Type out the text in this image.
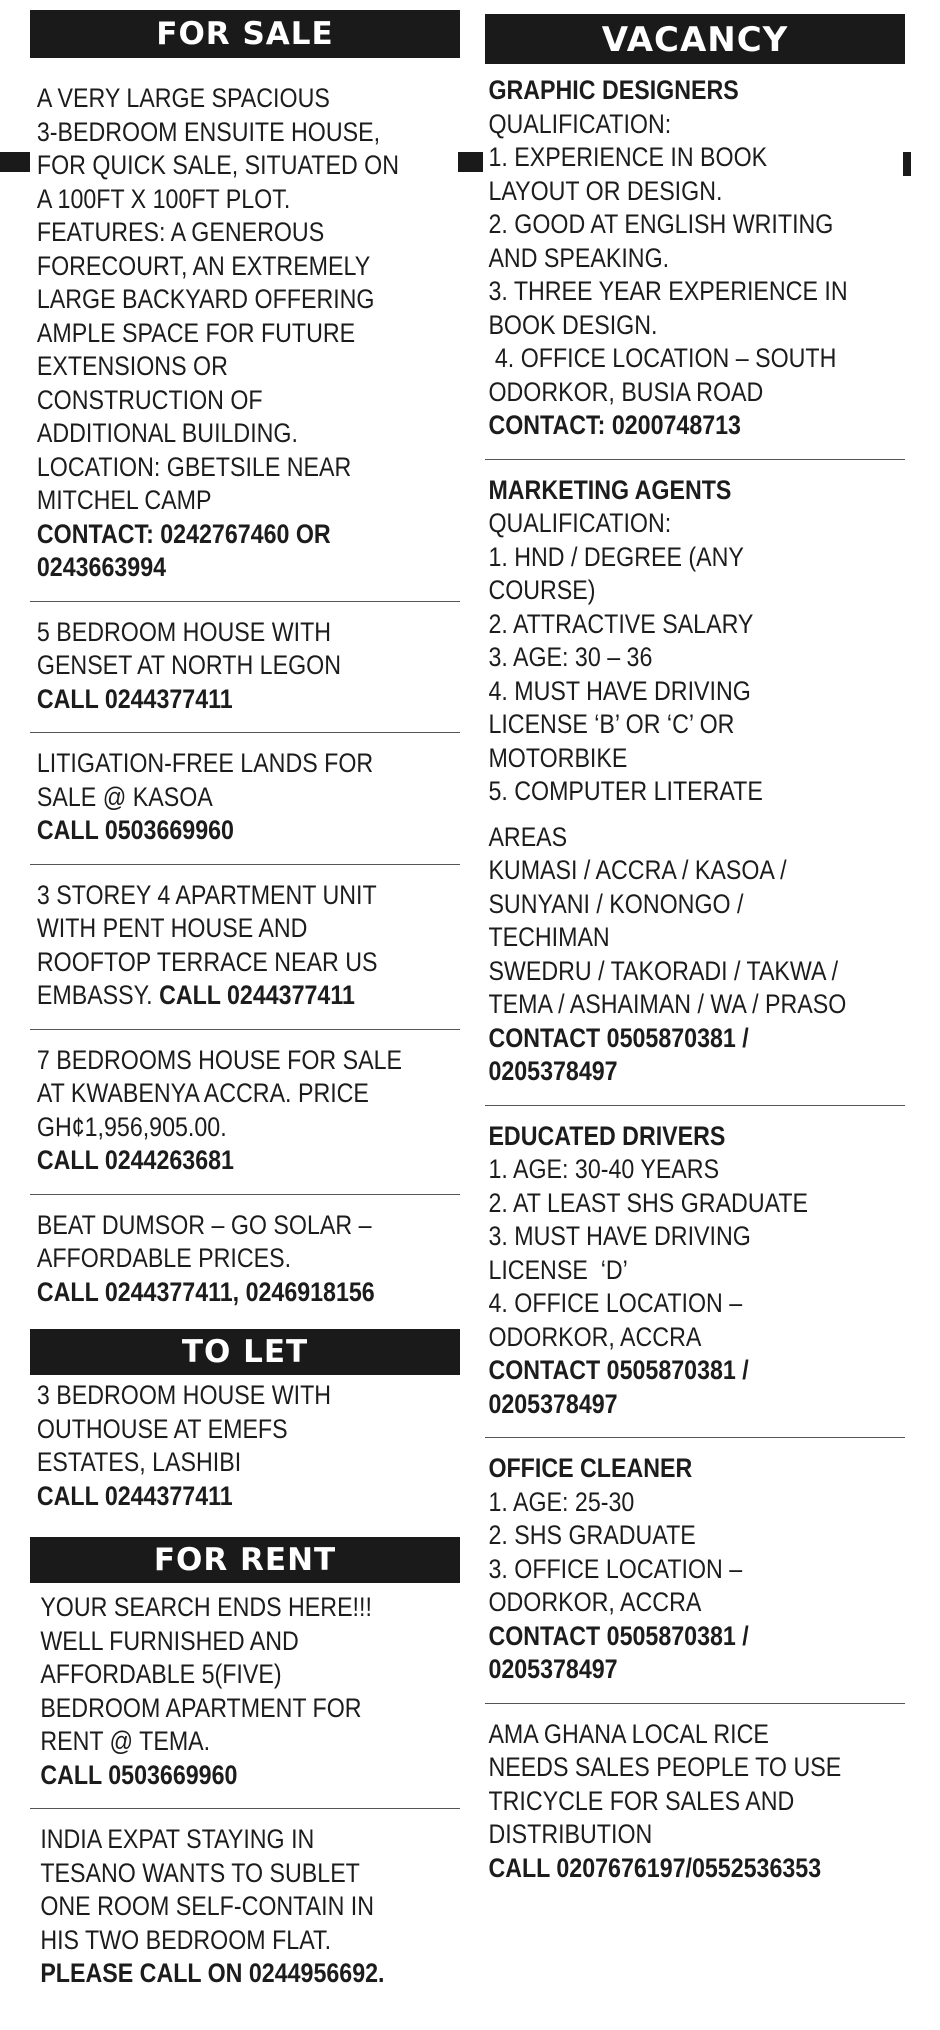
FOR SALE
A VERY LARGE SPACIOUS
3-BEDROOM ENSUITE HOUSE,
FOR QUICK SALE, SITUATED ON
A 100FT X 100FT PLOT.
FEATURES: A GENEROUS
FORECOURT, AN EXTREMELY
LARGE BACKYARD OFFERING
AMPLE SPACE FOR FUTURE
EXTENSIONS OR
CONSTRUCTION OF
ADDITIONAL BUILDING.
LOCATION: GBETSILE NEAR
MITCHEL CAMP
CONTACT: 0242767460 OR
0243663994
5 BEDROOM HOUSE WITH
GENSET AT NORTH LEGON
CALL 0244377411
LITIGATION-FREE LANDS FOR
SALE @ KASOA
CALL 0503669960
3 STOREY 4 APARTMENT UNIT
WITH PENT HOUSE AND
ROOFTOP TERRACE NEAR US
EMBASSY. CALL 0244377411
7 BEDROOMS HOUSE FOR SALE
AT KWABENYA ACCRA. PRICE
GH¢1,956,905.00.
CALL 0244263681
BEAT DUMSOR – GO SOLAR –
AFFORDABLE PRICES.
CALL 0244377411, 0246918156
TO LET
3 BEDROOM HOUSE WITH
OUTHOUSE AT EMEFS
ESTATES, LASHIBI
CALL 0244377411
FOR RENT
YOUR SEARCH ENDS HERE!!!
WELL FURNISHED AND
AFFORDABLE 5(FIVE)
BEDROOM APARTMENT FOR
RENT @ TEMA.
CALL 0503669960
INDIA EXPAT STAYING IN
TESANO WANTS TO SUBLET
ONE ROOM SELF-CONTAIN IN
HIS TWO BEDROOM FLAT.
PLEASE CALL ON 0244956692.
VACANCY
GRAPHIC DESIGNERS
QUALIFICATION:
1. EXPERIENCE IN BOOK
LAYOUT OR DESIGN.
2. GOOD AT ENGLISH WRITING
AND SPEAKING.
3. THREE YEAR EXPERIENCE IN
BOOK DESIGN.
4. OFFICE LOCATION – SOUTH
ODORKOR, BUSIA ROAD
CONTACT: 0200748713
MARKETING AGENTS
QUALIFICATION:
1. HND / DEGREE (ANY
COURSE)
2. ATTRACTIVE SALARY
3. AGE: 30 – 36
4. MUST HAVE DRIVING
LICENSE ‘B’ OR ‘C’ OR
MOTORBIKE
5. COMPUTER LITERATE
AREAS
KUMASI / ACCRA / KASOA /
SUNYANI / KONONGO /
TECHIMAN
SWEDRU / TAKORADI / TAKWA /
TEMA / ASHAIMAN / WA / PRASO
CONTACT 0505870381 /
0205378497
EDUCATED DRIVERS
1. AGE: 30-40 YEARS
2. AT LEAST SHS GRADUATE
3. MUST HAVE DRIVING
LICENSE  ‘D’
4. OFFICE LOCATION –
ODORKOR, ACCRA
CONTACT 0505870381 /
0205378497
OFFICE CLEANER
1. AGE: 25-30
2. SHS GRADUATE
3. OFFICE LOCATION –
ODORKOR, ACCRA
CONTACT 0505870381 /
0205378497
AMA GHANA LOCAL RICE
NEEDS SALES PEOPLE TO USE
TRICYCLE FOR SALES AND
DISTRIBUTION
CALL 0207676197/0552536353
